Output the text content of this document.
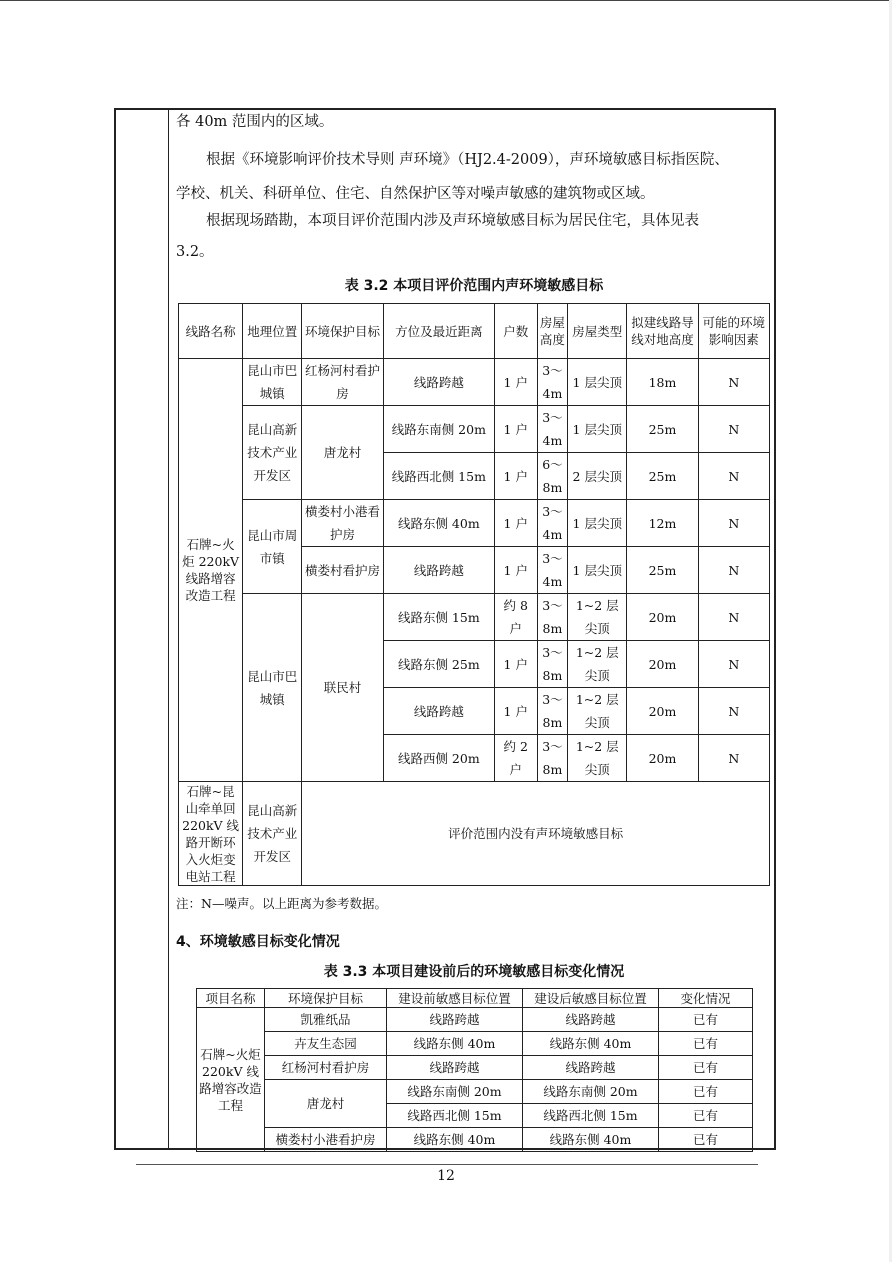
各 40m 范围内的区域。

根据《环境影响评价技术导则 声环境》（HJ2.4-2009），声环境敏感目标指医院、

学校、机关、科研单位、住宅、自然保护区等对噪声敏感的建筑物或区域。

根据现场踏勘，本项目评价范围内涉及声环境敏感目标为居民住宅，具体见表

3.2。

表 3.2 本项目评价范围内声环境敏感目标
线路名称	地理位置	环境保护目标	方位及最近距离	户数	房屋高度	房屋类型	拟建线路导线对地高度	可能的环境影响因素
石牌~火炬 220kV 线路增容改造工程	昆山市巴城镇	红杨河村看护房	线路跨越	1 户	3～4m	1 层尖顶	18m	N
	昆山高新技术产业开发区	唐龙村	线路东南侧 20m	1 户	3～4m	1 层尖顶	25m	N
			线路西北侧 15m	1 户	6～8m	2 层尖顶	25m	N
	昆山市周市镇	横娄村小港看护房	线路东侧 40m	1 户	3～4m	1 层尖顶	12m	N
		横娄村看护房	线路跨越	1 户	3～4m	1 层尖顶	25m	N
	昆山市巴城镇	联民村	线路东侧 15m	约 8 户	3～8m	1~2 层尖顶	20m	N
			线路东侧 25m	1 户	3～8m	1~2 层尖顶	20m	N
			线路跨越	1 户	3～8m	1~2 层尖顶	20m	N
			线路西侧 20m	约 2 户	3～8m	1~2 层尖顶	20m	N
石牌~昆山牵单回 220kV 线路开断环入火炬变电站工程	昆山高新技术产业开发区	评价范围内没有声环境敏感目标						
注：N—噪声。以上距离为参考数据。
4、环境敏感目标变化情况
表 3.3 本项目建设前后的环境敏感目标变化情况
项目名称	环境保护目标	建设前敏感目标位置	建设后敏感目标位置	变化情况
石牌~火炬 220kV 线路增容改造工程	凯雅纸品	线路跨越	线路跨越	已有
	卉友生态园	线路东侧 40m	线路东侧 40m	已有
	红杨河村看护房	线路跨越	线路跨越	已有
	唐龙村	线路东南侧 20m	线路东南侧 20m	已有
		线路西北侧 15m	线路西北侧 15m	已有
	横娄村小港看护房	线路东侧 40m	线路东侧 40m	已有
12
